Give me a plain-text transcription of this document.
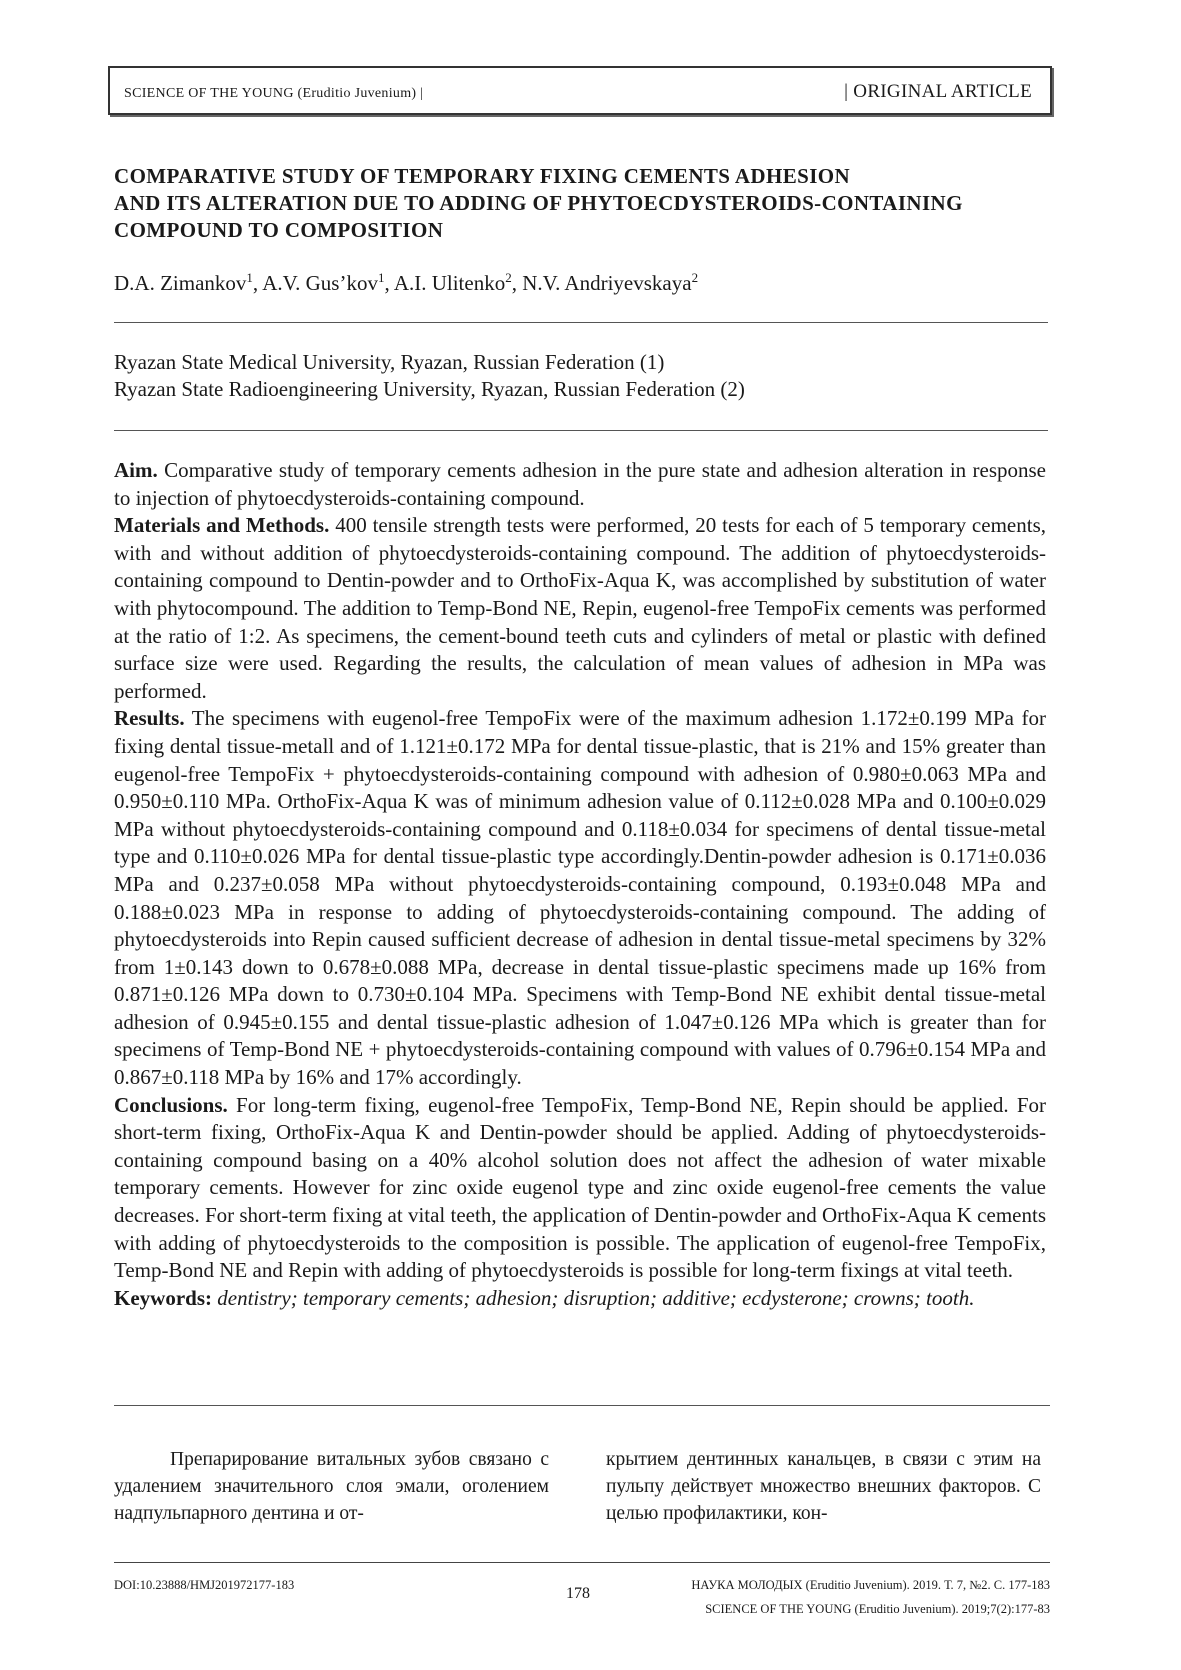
SCIENCE OF THE YOUNG (Eruditio Juvenium) |	| ORIGINAL ARTICLE
COMPARATIVE STUDY OF TEMPORARY FIXING CEMENTS ADHESION
AND ITS ALTERATION DUE TO ADDING OF PHYTOECDYSTEROIDS-CONTAINING
COMPOUND TO COMPOSITION
D.A. Zimankov$^1$, A.V. Gus’kov$^1$, A.I. Ulitenko$^2$, N.V. Andriyevskaya$^2$
Ryazan State Medical University, Ryazan, Russian Federation (1)
Ryazan State Radioengineering University, Ryazan, Russian Federation (2)

Aim. Comparative study of temporary cements adhesion in the pure state and adhesion alteration in response to injection of phytoecdysteroids-containing compound.

Materials and Methods. 400 tensile strength tests were performed, 20 tests for each of 5 temporary cements, with and without addition of phytoecdysteroids-containing compound. The addition of phytoecdysteroids-containing compound to Dentin-powder and to OrthoFix-Aqua K, was accomplished by substitution of water with phytocompound. The addition to Temp-Bond NE, Repin, eugenol-free TempoFix cements was performed at the ratio of 1:2. As specimens, the cement-bound teeth cuts and cylinders of metal or plastic with defined surface size were used. Regarding the results, the calculation of mean values of adhesion in MPa was performed.

Results. The specimens with eugenol-free TempoFix were of the maximum adhesion 1.172±0.199 MPa for fixing dental tissue-metall and of 1.121±0.172 MPa for dental tissue-plastic, that is 21% and 15% greater than eugenol-free TempoFix + phytoecdysteroids-containing compound with adhesion of 0.980±0.063 MPa and 0.950±0.110 MPa. OrthoFix-Aqua K was of minimum adhesion value of 0.112±0.028 MPa and 0.100±0.029 MPa without phytoecdysteroids-containing compound and 0.118±0.034 for specimens of dental tissue-metal type and 0.110±0.026 MPa for dental tissue-plastic type accordingly.Dentin-powder adhesion is 0.171±0.036 MPa and 0.237±0.058 MPa without phytoecdysteroids-containing compound, 0.193±0.048 MPa and 0.188±0.023 MPa in response to adding of phytoecdysteroids-containing compound. The adding of phytoecdysteroids into Repin caused sufficient decrease of adhesion in dental tissue-metal specimens by 32% from 1±0.143 down to 0.678±0.088 MPa, decrease in dental tissue-plastic specimens made up 16% from 0.871±0.126 MPa down to 0.730±0.104 MPa. Specimens with Temp-Bond NE exhibit dental tissue-metal adhesion of 0.945±0.155 and dental tissue-plastic adhesion of 1.047±0.126 MPa which is greater than for specimens of Temp-Bond NE + phytoecdysteroids-containing compound with values of 0.796±0.154 MPa and 0.867±0.118 MPa by 16% and 17% accordingly.

Conclusions. For long-term fixing, eugenol-free TempoFix, Temp-Bond NE, Repin should be applied. For short-term fixing, OrthoFix-Aqua K and Dentin-powder should be applied. Adding of phytoecdysteroids-containing compound basing on a 40% alcohol solution does not affect the adhesion of water mixable temporary cements. However for zinc oxide eugenol type and zinc oxide eugenol-free cements the value decreases. For short-term fixing at vital teeth, the application of Dentin-powder and OrthoFix-Aqua K cements with adding of phytoecdysteroids to the composition is possible. The application of eugenol-free TempoFix, Temp-Bond NE and Repin with adding of phytoecdysteroids is possible for long-term fixings at vital teeth.

Keywords: dentistry; temporary cements; adhesion; disruption; additive; ecdysterone; crowns; tooth.

Препарирование витальных зубов связано с удалением значительного слоя эмали, оголением надпульпарного дентина и от-

крытием дентинных канальцев, в связи с этим на пульпу действует множество внешних факторов. С целью профилактики, кон-

DOI:10.23888/HMJ201972177-183	178	НАУКА МОЛОДЫХ (Eruditio Juvenium). 2019. Т. 7, №2. С. 177-183
SCIENCE OF THE YOUNG (Eruditio Juvenium). 2019;7(2):177-83
